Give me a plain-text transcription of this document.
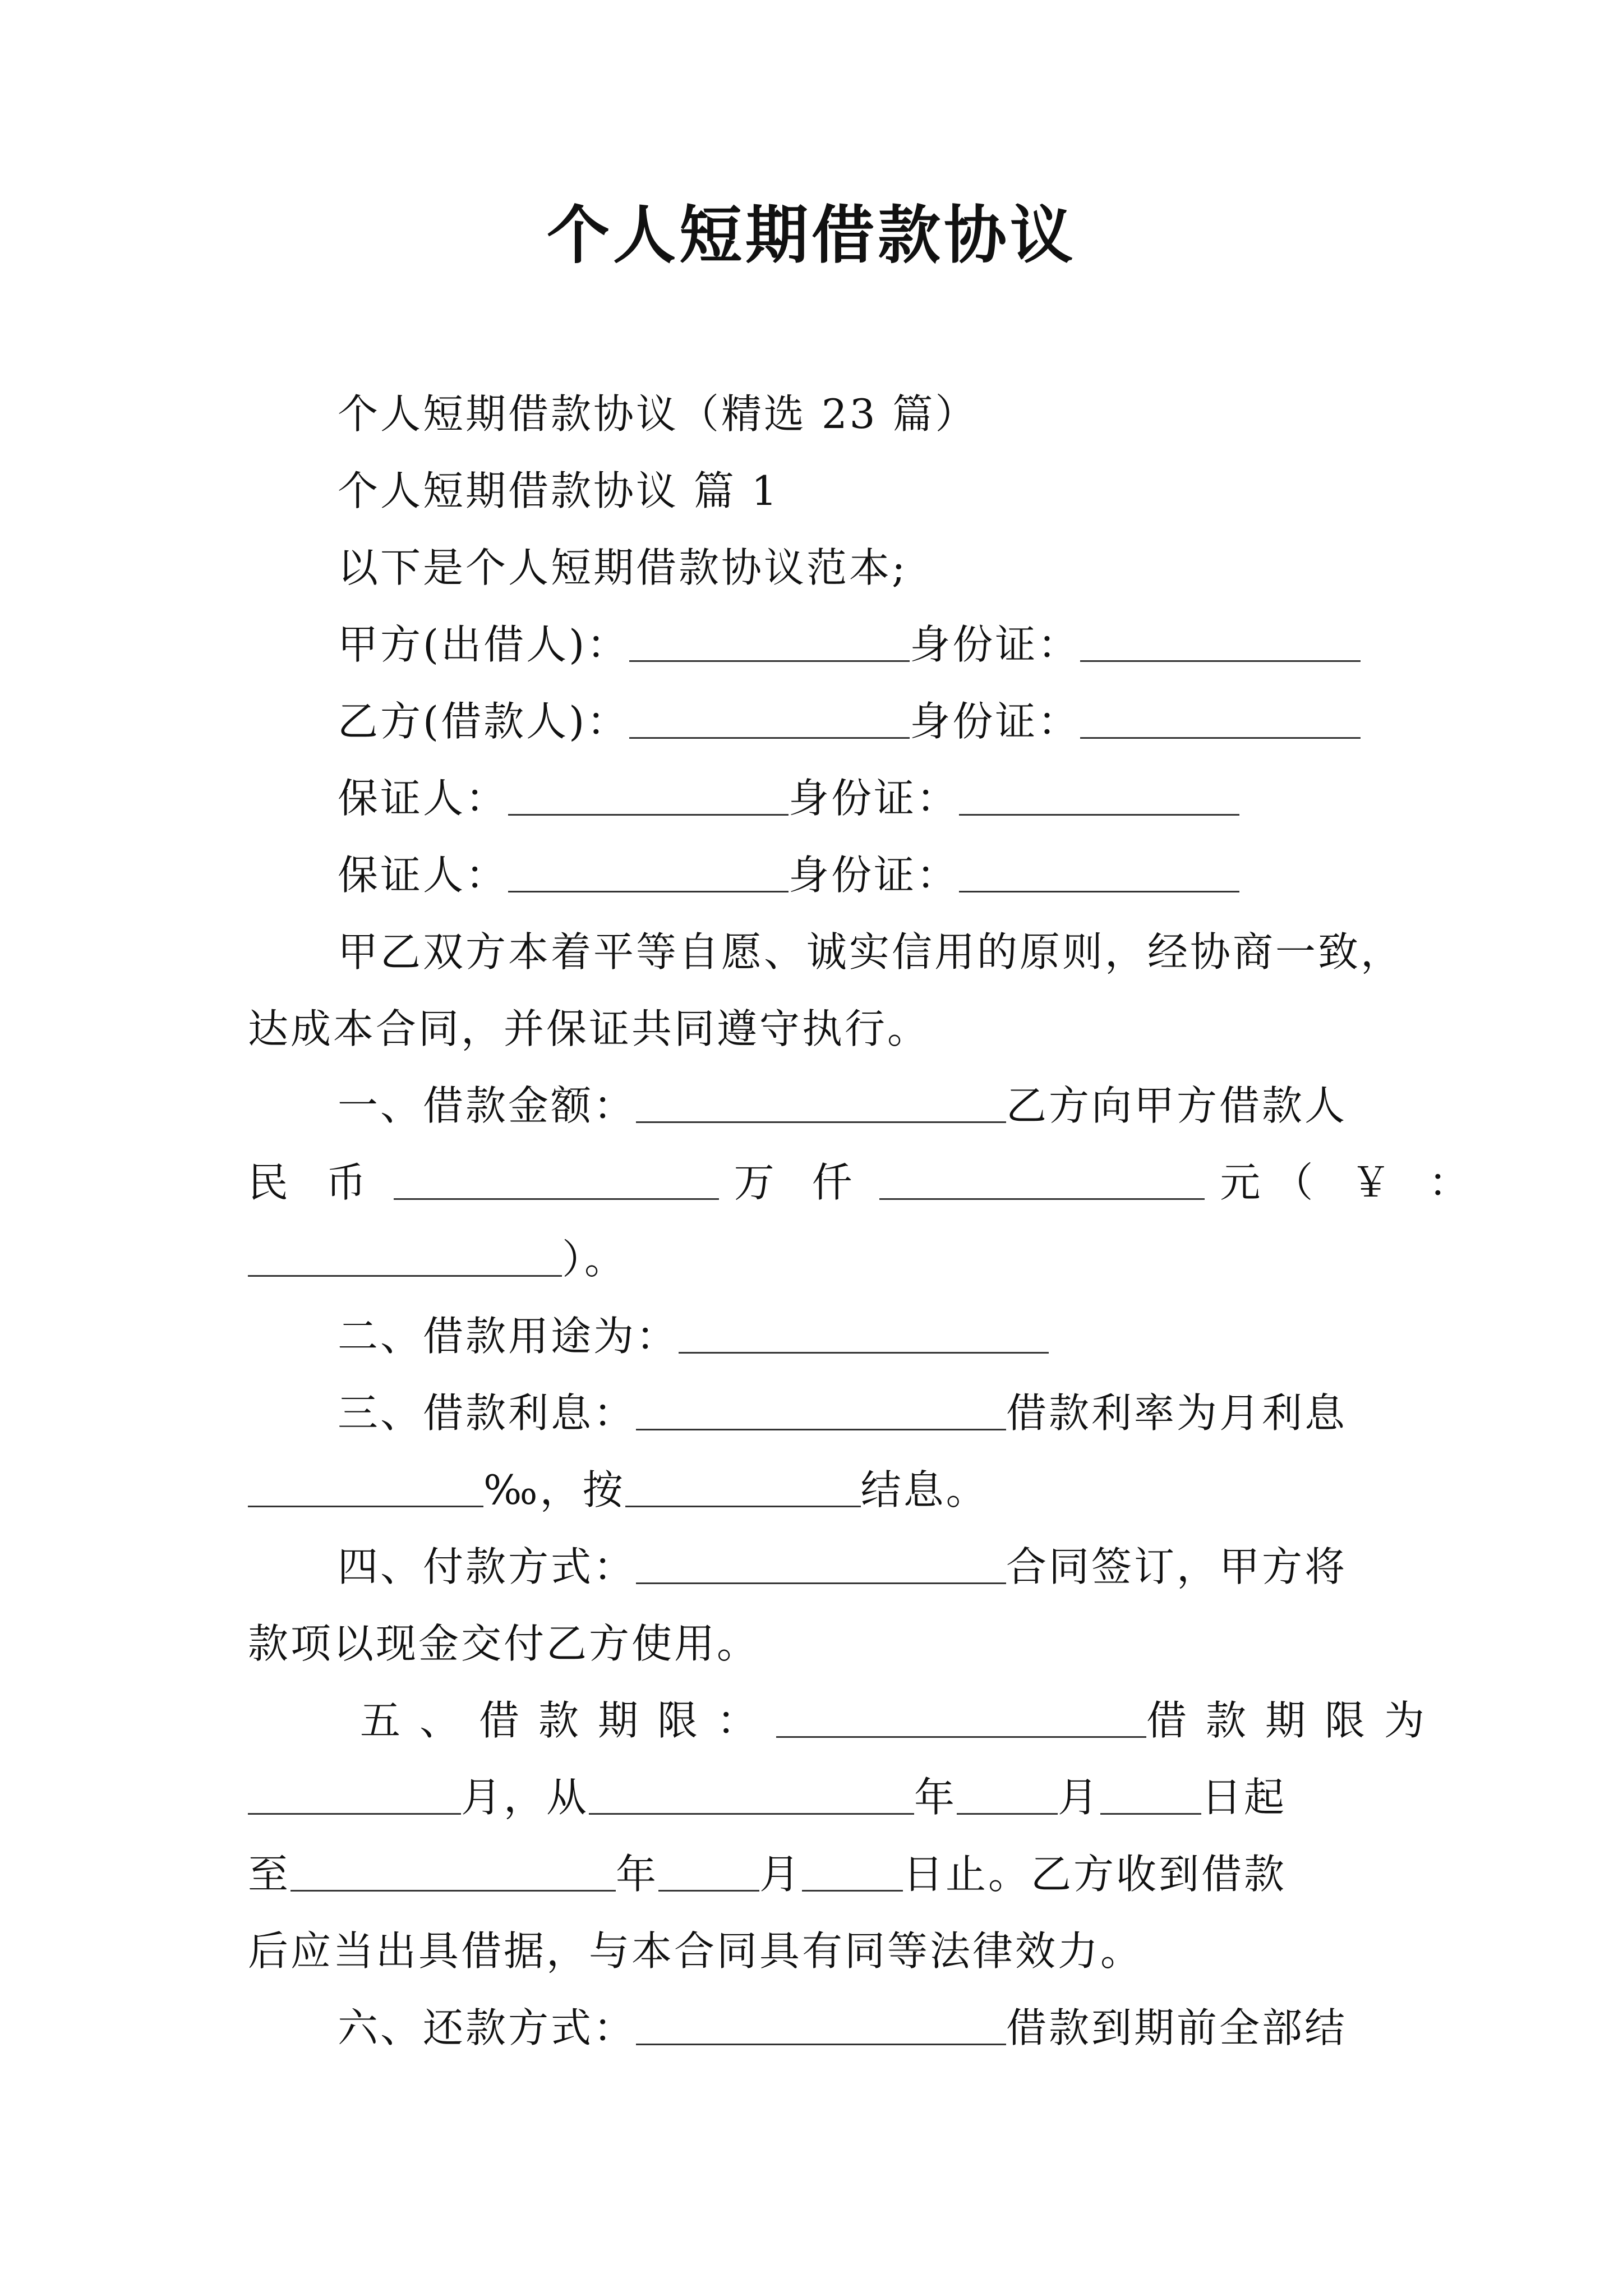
个人短期借款协议
个人短期借款协议（精选 23 篇）
个人短期借款协议 篇 1
以下是个人短期借款协议范本;
甲方(出借人)：	身份证：
乙方(借款人)：	身份证：
保证人：	身份证：
保证人：	身份证：
甲乙双方本着平等自愿、诚实信用的原则，经协商一致，
达成本合同，并保证共同遵守执行。
一、借款金额：	乙方向甲方借款人
民 币	万 仟	元（ ￥ ：
）。
二、借款用途为：
三、借款利息：	借款利率为月利息
‰，按	结息。
四、付款方式：	合同签订，甲方将
款项以现金交付乙方使用。
五、借款期限：	借款期限为
月，从	年	月	日起
至	年	月	日止。乙方收到借款
后应当出具借据，与本合同具有同等法律效力。
六、还款方式：	借款到期前全部结
